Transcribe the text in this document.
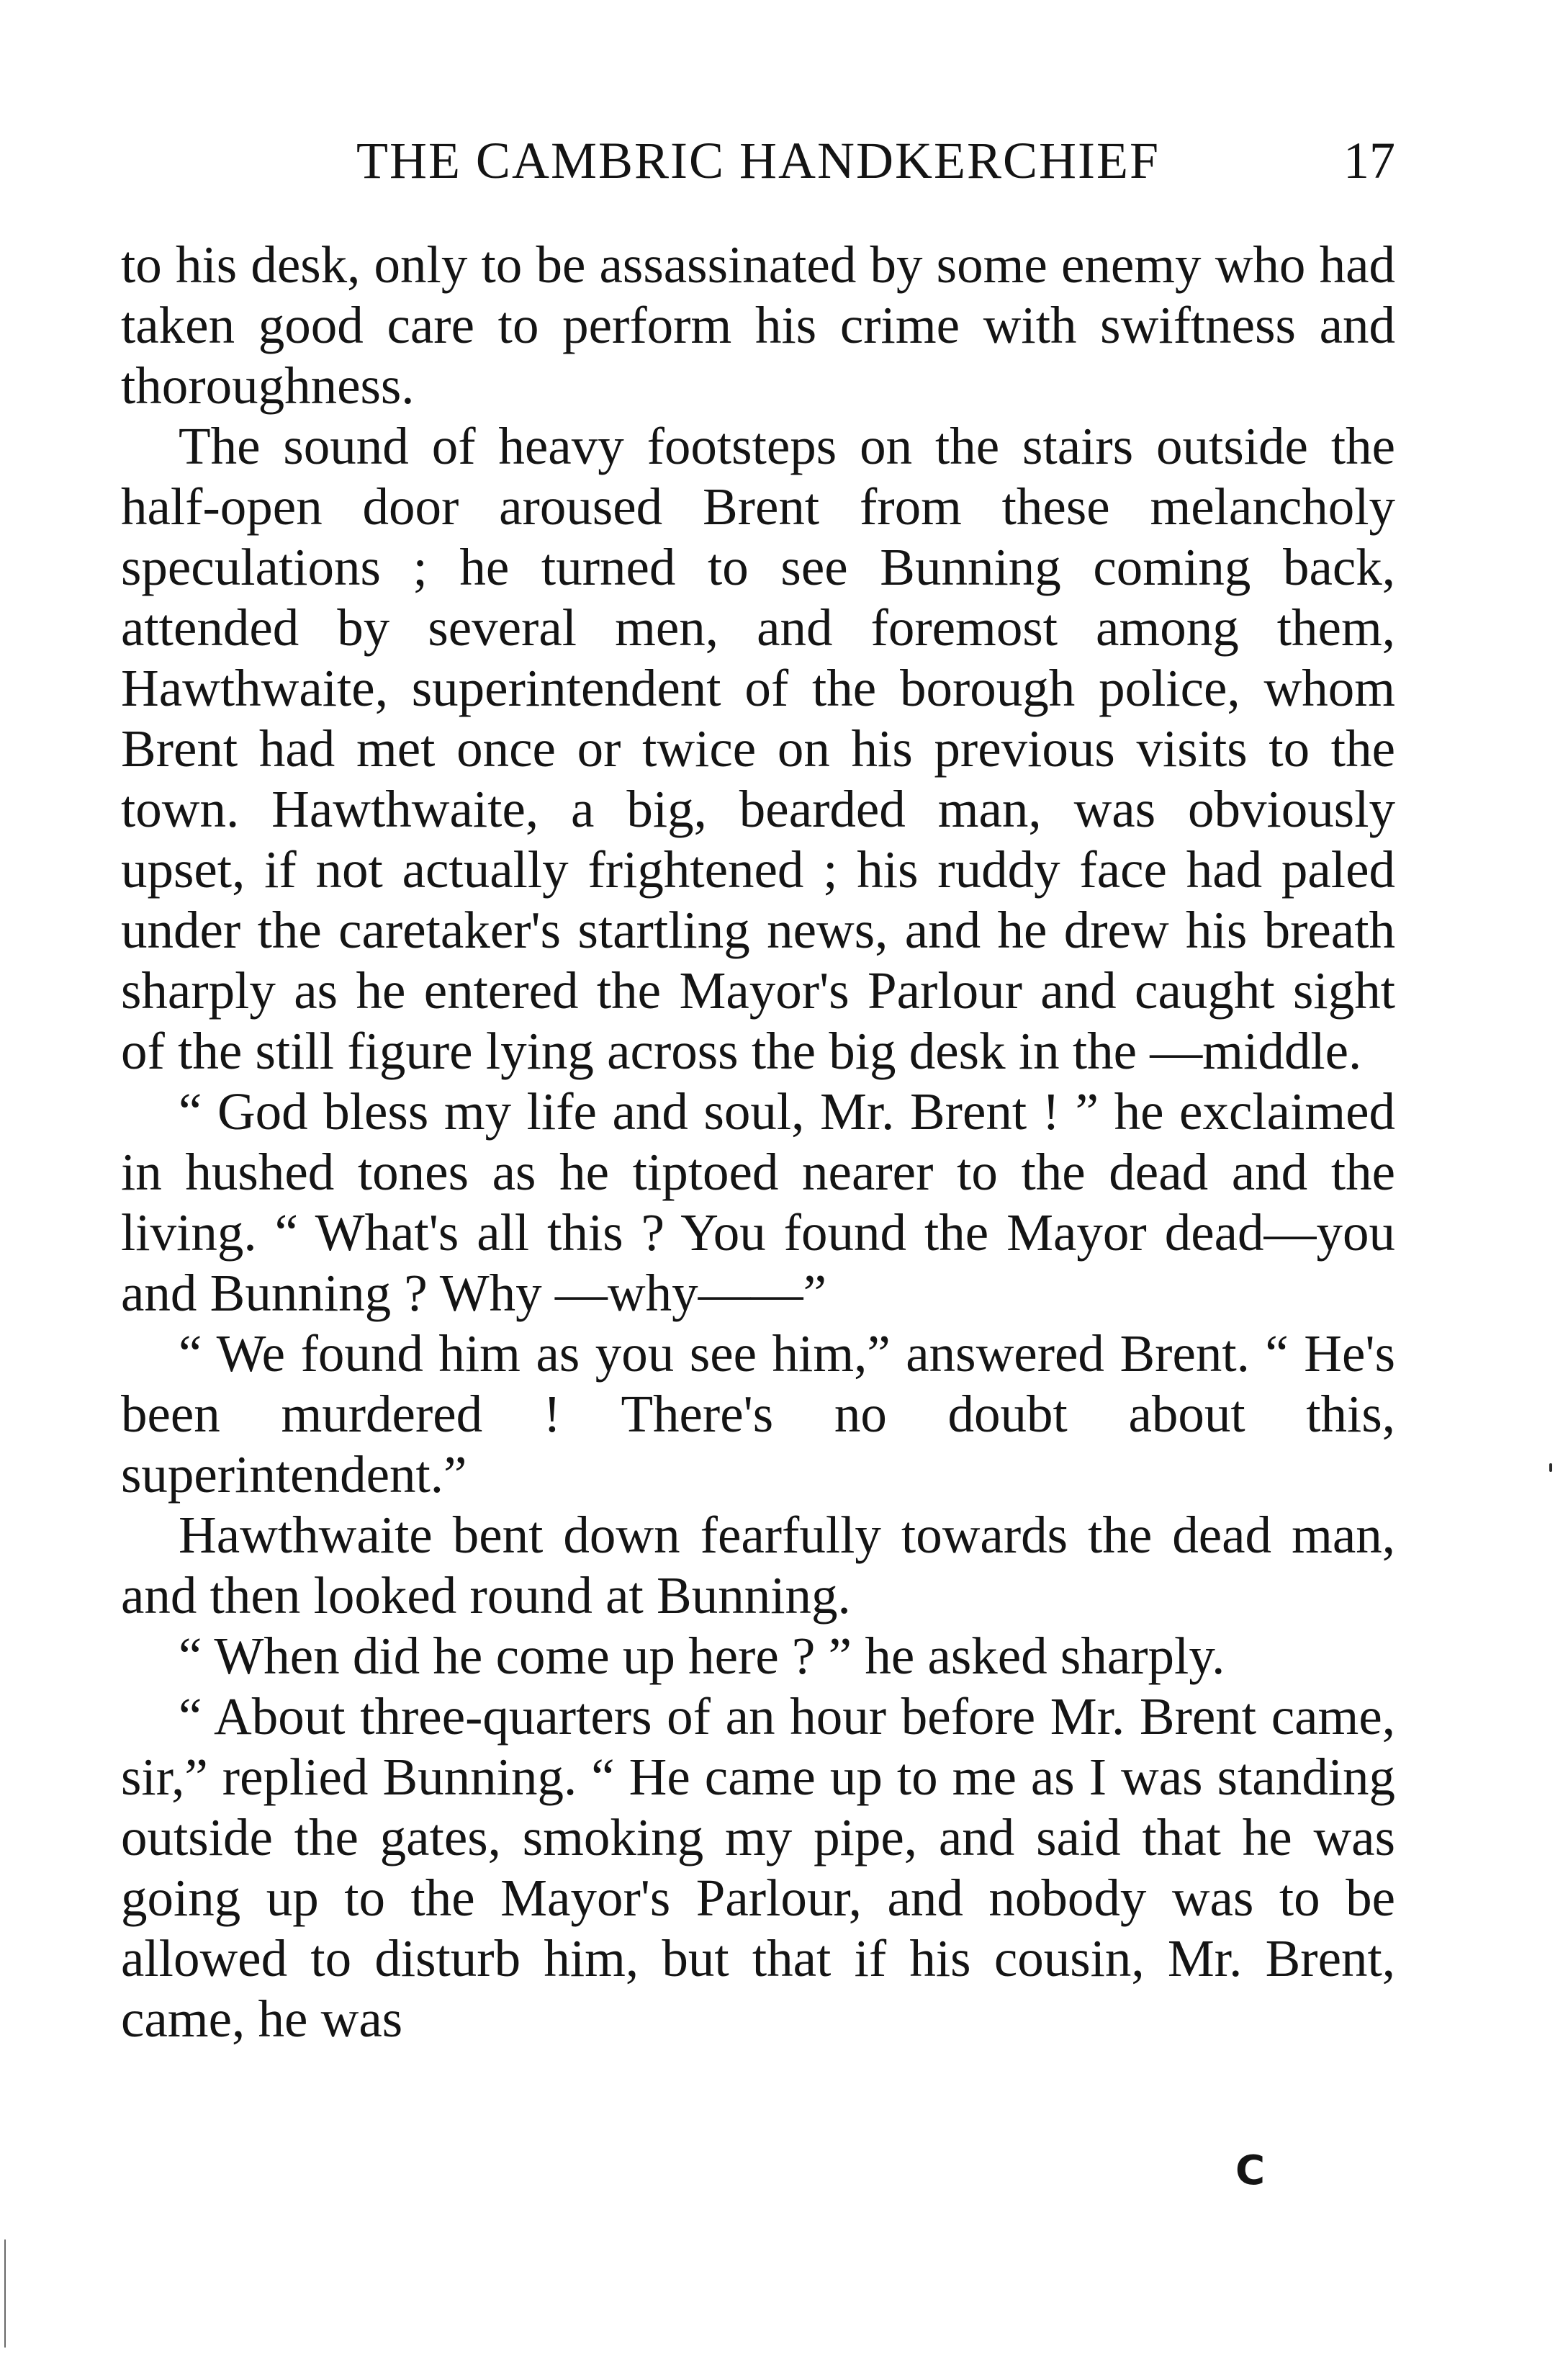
THE CAMBRIC HANDKERCHIEF	17

to his desk, only to be assassinated by some enemy who had taken good care to perform his crime with swiftness and thoroughness.

The sound of heavy footsteps on the stairs outside the half-open door aroused Brent from these melancholy speculations ; he turned to see Bunning coming back, attended by several men, and foremost among them, Hawthwaite, superintendent of the borough police, whom Brent had met once or twice on his previous visits to the town. Hawthwaite, a big, bearded man, was obviously upset, if not actually frightened ; his ruddy face had paled under the caretaker's startling news, and he drew his breath sharply as he entered the Mayor's Parlour and caught sight of the still figure lying across the big desk in the —middle.

“ God bless my life and soul, Mr. Brent ! ” he exclaimed in hushed tones as he tiptoed nearer to the dead and the living. “ What's all this ? You found the Mayor dead—you and Bunning ? Why —why——”

“ We found him as you see him,” answered Brent. “ He's been murdered ! There's no doubt about this, superintendent.”

Hawthwaite bent down fearfully towards the dead man, and then looked round at Bunning.

“ When did he come up here ? ” he asked sharply.

“ About three-quarters of an hour before Mr. Brent came, sir,” replied Bunning. “ He came up to me as I was standing outside the gates, smoking my pipe, and said that he was going up to the Mayor's Parlour, and nobody was to be allowed to disturb him, but that if his cousin, Mr. Brent, came, he was

C
